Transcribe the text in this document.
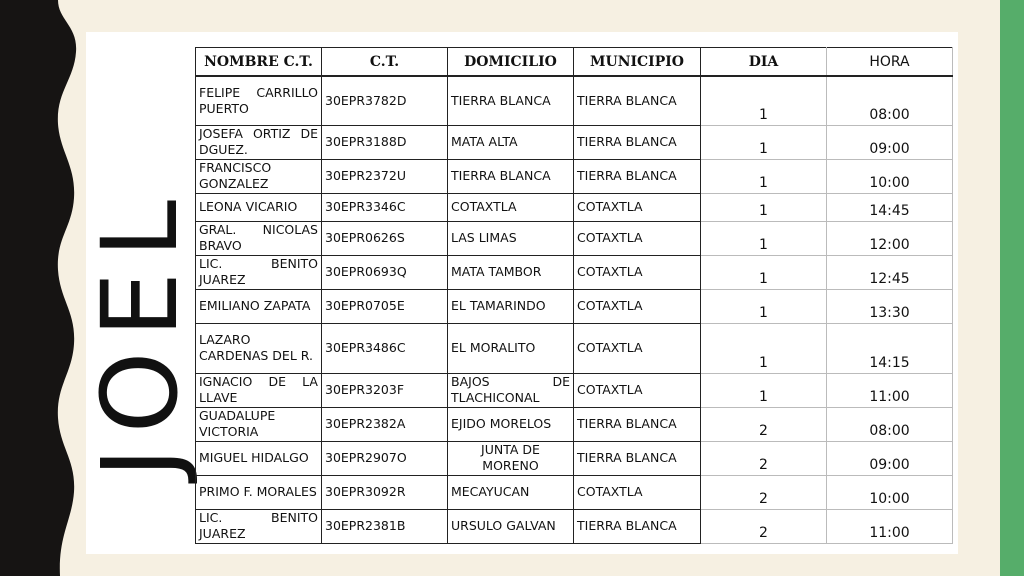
JOEL
NOMBRE C.T.	C.T.	DOMICILIO	MUNICIPIO	DIA	HORA
FELIPE CARRILLO PUERTO	30EPR3782D	TIERRA BLANCA	TIERRA BLANCA	1	08:00
JOSEFA ORTIZ DE DGUEZ.	30EPR3188D	MATA ALTA	TIERRA BLANCA	1	09:00
FRANCISCO GONZALEZ	30EPR2372U	TIERRA BLANCA	TIERRA BLANCA	1	10:00
LEONA VICARIO	30EPR3346C	COTAXTLA	COTAXTLA	1	14:45
GRAL. NICOLAS BRAVO	30EPR0626S	LAS LIMAS	COTAXTLA	1	12:00
LIC. BENITO JUAREZ	30EPR0693Q	MATA TAMBOR	COTAXTLA	1	12:45
EMILIANO ZAPATA	30EPR0705E	EL TAMARINDO	COTAXTLA	1	13:30
LAZARO CARDENAS DEL R.	30EPR3486C	EL MORALITO	COTAXTLA	1	14:15
IGNACIO DE LA LLAVE	30EPR3203F	BAJOS DE TLACHICONAL	COTAXTLA	1	11:00
GUADALUPE VICTORIA	30EPR2382A	EJIDO MORELOS	TIERRA BLANCA	2	08:00
MIGUEL HIDALGO	30EPR2907O	JUNTA DE MORENO	TIERRA BLANCA	2	09:00
PRIMO F. MORALES	30EPR3092R	MECAYUCAN	COTAXTLA	2	10:00
LIC. BENITO JUAREZ	30EPR2381B	URSULO GALVAN	TIERRA BLANCA	2	11:00
